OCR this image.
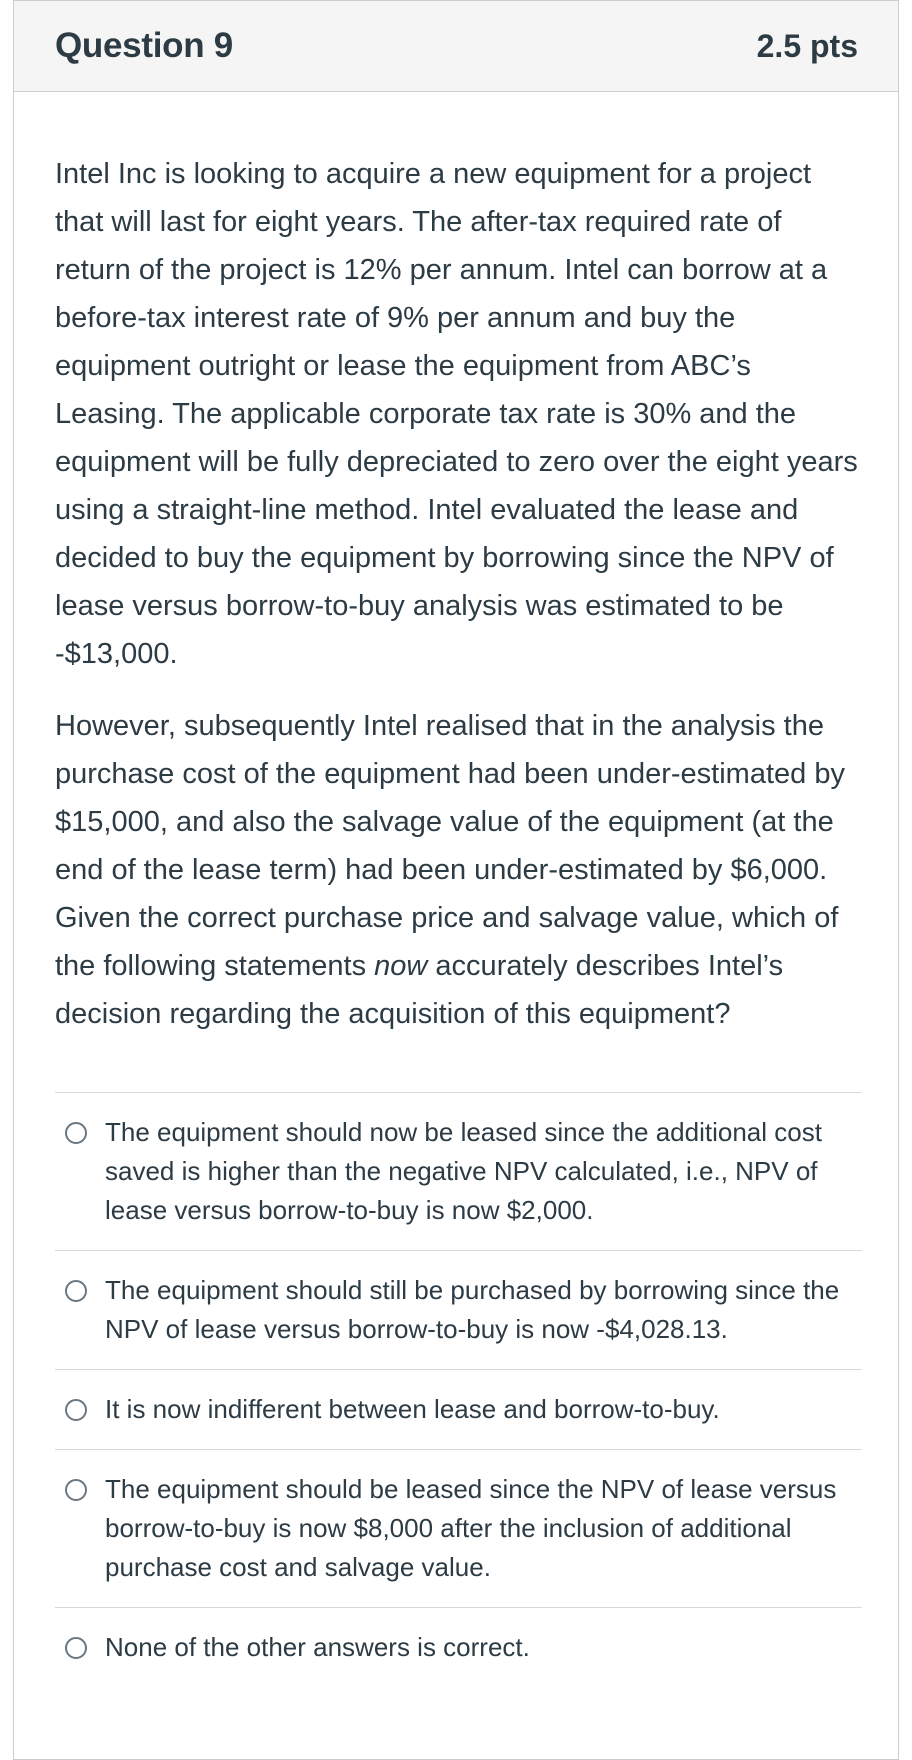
Question 9	2.5 pts

Intel Inc is looking to acquire a new equipment for a project that will last for eight years. The after-tax required rate of return of the project is 12% per annum. Intel can borrow at a before-tax interest rate of 9% per annum and buy the equipment outright or lease the equipment from ABC’s Leasing. The applicable corporate tax rate is 30% and the equipment will be fully depreciated to zero over the eight years using a straight-line method. Intel evaluated the lease and decided to buy the equipment by borrowing since the NPV of lease versus borrow-to-buy analysis was estimated to be -$13,000.

However, subsequently Intel realised that in the analysis the purchase cost of the equipment had been under-estimated by $15,000, and also the salvage value of the equipment (at the end of the lease term) had been under-estimated by $6,000. Given the correct purchase price and salvage value, which of the following statements now accurately describes Intel’s decision regarding the acquisition of this equipment?

The equipment should now be leased since the additional cost saved is higher than the negative NPV calculated, i.e., NPV of lease versus borrow-to-buy is now $2,000.
The equipment should still be purchased by borrowing since the NPV of lease versus borrow-to-buy is now -$4,028.13.
It is now indifferent between lease and borrow-to-buy.
The equipment should be leased since the NPV of lease versus borrow-to-buy is now $8,000 after the inclusion of additional purchase cost and salvage value.
None of the other answers is correct.
